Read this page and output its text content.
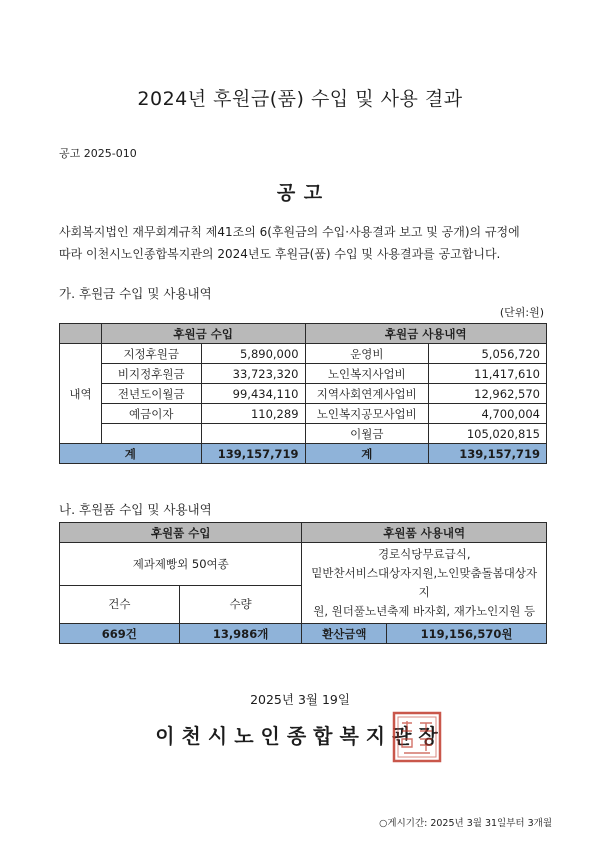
2024년 후원금(품) 수입 및 사용 결과
공고 2025-010
공 고
사회복지법인 재무회계규칙 제41조의 6(후원금의 수입·사용결과 보고 및 공개)의 규정에
따라 이천시노인종합복지관의 2024년도 후원금(품) 수입 및 사용결과를 공고합니다.
가. 후원금 수입 및 사용내역
(단위:원)
	후원금 수입		후원금 사용내역	
내역	지정후원금	5,890,000	운영비	5,056,720
	비지정후원금	33,723,320	노인복지사업비	11,417,610
	전년도이월금	99,434,110	지역사회연계사업비	12,962,570
	예금이자	110,289	노인복지공모사업비	4,700,004
			이월금	105,020,815
계		139,157,719	계	139,157,719
나. 후원품 수입 및 사용내역
후원품 수입		후원품 사용내역	
제과제빵외 50여종		경로식당무료급식,
밑반찬서비스대상자지원,노인맞춤돌봄대상자지
원, 원더풀노년축제 바자회, 재가노인지원 등	

건수	수량		
669건	13,986개	환산금액	119,156,570원
2025년 3월 19일
이천시노인종합복지관장
○게시기간: 2025년 3월 31일부터 3개월
